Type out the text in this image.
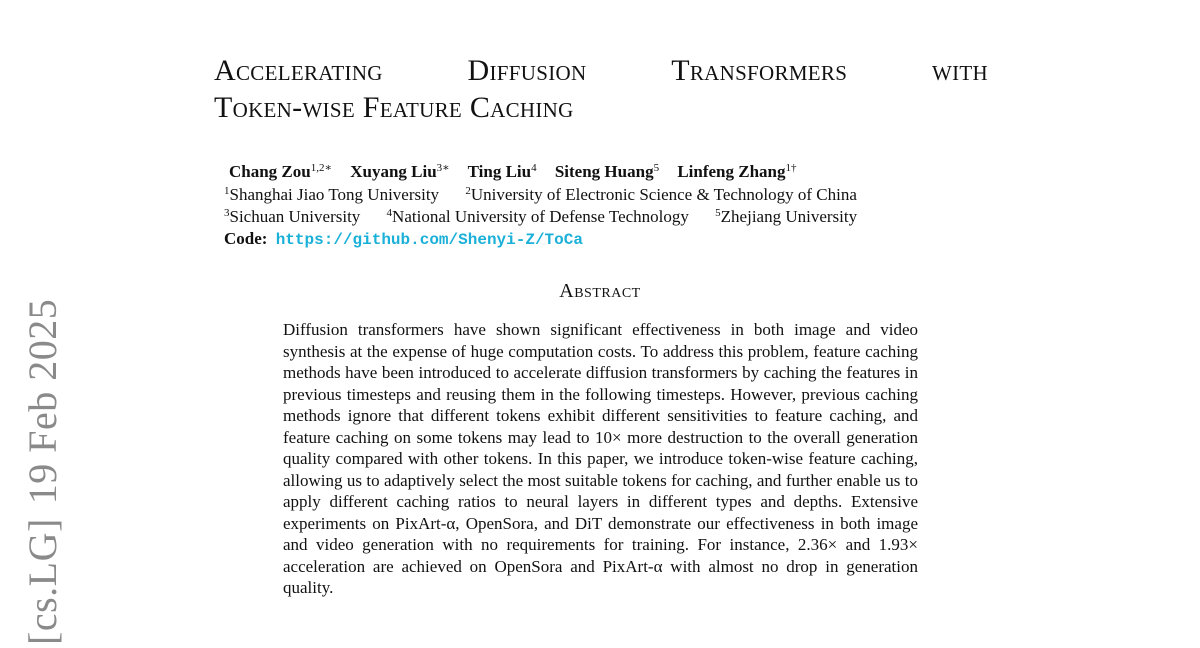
[cs.LG]19 Feb 2025
Accelerating	Diffusion	Transformers	with
Token-wise Feature Caching
Chang Zou$^{1,2∗}$ Xuyang Liu$^{3∗}$ Ting Liu$^4$ Siteng Huang$^5$ Linfeng Zhang$^{1\dagger}$
$^1$Shanghai Jiao Tong University $^2$University of Electronic Science & Technology of China
$^3$Sichuan University $^4$National University of Defense Technology $^5$Zhejiang University
Code: https://github.com/Shenyi-Z/ToCa
Abstract
Diffusion transformers have shown significant effectiveness in both image and video synthesis at the expense of huge computation costs. To address this problem, feature caching methods have been introduced to accelerate diffusion transformers by caching the features in previous timesteps and reusing them in the following timesteps. However, previous caching methods ignore that different tokens exhibit different sensitivities to feature caching, and feature caching on some tokens may lead to 10× more destruction to the overall generation quality compared with other tokens. In this paper, we introduce token-wise feature caching, allowing us to adaptively select the most suitable tokens for caching, and further enable us to apply different caching ratios to neural layers in different types and depths. Extensive experiments on PixArt-α, OpenSora, and DiT demonstrate our effectiveness in both image and video generation with no requirements for training. For instance, 2.36× and 1.93× acceleration are achieved on OpenSora and PixArt-α with almost no drop in generation quality.
